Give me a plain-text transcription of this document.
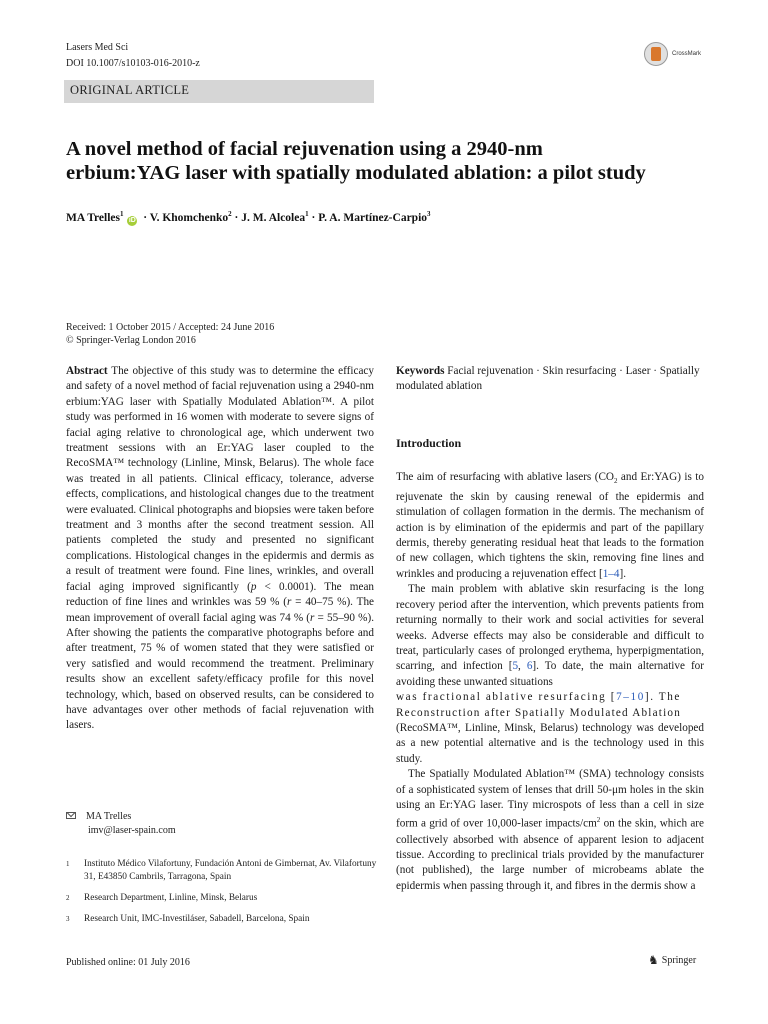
Lasers Med Sci
DOI 10.1007/s10103-016-2010-z
CrossMark
ORIGINAL ARTICLE
A novel method of facial rejuvenation using a 2940-nm
erbium:YAG laser with spatially modulated ablation: a pilot study
MA Trelles$^1$ iD · V. Khomchenko$^2$ · J. M. Alcolea$^1$ · P. A. Martínez-Carpio$^3$
Received: 1 October 2015 / Accepted: 24 June 2016
© Springer-Verlag London 2016

Abstract The objective of this study was to determine the efficacy and safety of a novel method of facial rejuvenation using a 2940-nm erbium:YAG laser with Spatially Modulated Ablation™. A pilot study was performed in 16 women with moderate to severe signs of facial aging relative to chronological age, which underwent two treatment sessions with an Er:YAG laser coupled to the RecoSMA™ technology (Linline, Minsk, Belarus). The whole face was treated in all patients. Clinical efficacy, tolerance, adverse effects, complications, and histological changes due to the treatment were evaluated. Clinical photographs and biopsies were taken before treatment and 3 months after the second treatment session. All patients completed the study and presented no significant complications. Histological changes in the epidermis and dermis as a result of treatment were found. Fine lines, wrinkles, and overall facial aging improved significantly (p < 0.0001). The mean reduction of fine lines and wrinkles was 59 % (r = 40–75 %). The mean improvement of overall facial aging was 74 % (r = 55–90 %). After showing the patients the comparative photographs before and after treatment, 75 % of women stated that they were satisfied or very satisfied and would recommend the treatment. Preliminary results show an excellent safety/efficacy profile for this novel technology, which, based on observed results, can be considered to have advantages over other methods of facial rejuvenation with lasers.

MA Trelles
imv@laser-spain.com
1	Instituto Médico Vilafortuny, Fundación Antoni de Gimbernat, Av. Vilafortuny 31, E43850 Cambrils, Tarragona, Spain
2	Research Department, Linline, Minsk, Belarus
3	Research Unit, IMC-Investiláser, Sabadell, Barcelona, Spain

Keywords Facial rejuvenation · Skin resurfacing · Laser · Spatially modulated ablation

Introduction

The aim of resurfacing with ablative lasers ($CO_2$ and Er:YAG) is to rejuvenate the skin by causing renewal of the epidermis and stimulation of collagen formation in the dermis. The mechanism of action is by elimination of the epidermis and part of the papillary dermis, thereby generating residual heat that leads to the formation of new collagen, which tightens the skin, removing fine lines and wrinkles and producing a rejuvenation effect [1–4].

The main problem with ablative skin resurfacing is the long recovery period after the intervention, which prevents patients from returning normally to their work and social activities for several weeks. Adverse effects may also be considerable and difficult to treat, particularly cases of prolonged erythema, hyperpigmentation, scarring, and infection [5, 6]. To date, the main alternative for avoiding these unwanted situations

was fractional ablative resurfacing [7–10]. The

Reconstruction after Spatially Modulated Ablation

(RecoSMA™, Linline, Minsk, Belarus) technology was developed as a new potential alternative and is the technology used in this study.

The Spatially Modulated Ablation™ (SMA) technology consists of a sophisticated system of lenses that drill 50-μm holes in the skin using an Er:YAG laser. Tiny microspots of less than a cell in size form a grid of over 10,000-laser impacts/$cm^2$ on the skin, which are collectively absorbed with absence of apparent lesion to adjacent tissue. According to preclinical trials provided by the manufacturer (not published), the large number of microbeams ablate the epidermis when passing through it, and fibres in the dermis show a

Published online: 01 July 2016	♞ Springer
